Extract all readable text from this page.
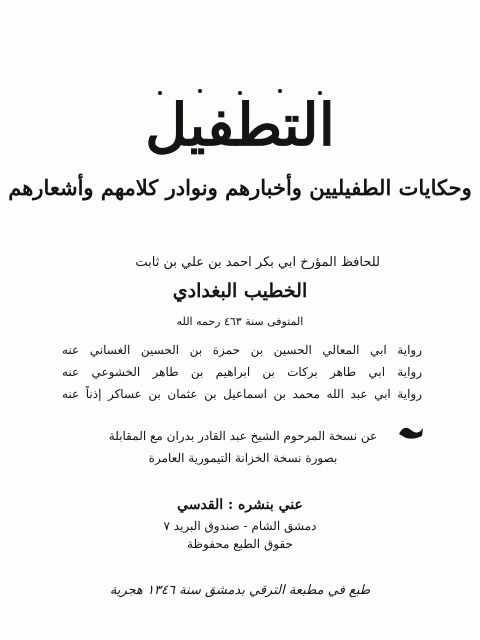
التطفيل
وحكايات الطفيليين وأخبارهم ونوادر كلامهم وأشعارهم
للحافظ المؤرخ ابي بكر احمد بن علي بن ثابت
الخطيب البغدادي
المتوفى سنة ٤٦٣ رحمه الله
رواية ابي المعالي الحسين بن حمزة بن الحسين الغساني عنه
رواية ابي طاهر بركات بن ابراهيم بن طاهر الخشوعي عنه
رواية ابي عبد الله محمد بن اسماعيل بن عثمان بن عساكر إذناً عنه
عن نسخة المرحوم الشيخ عبد القادر بدران مع المقابلة
بصورة نسخة الخزانة التيمورية العامرة
عني بنشره : القدسي
دمشق الشام - صندوق البريد ٧
حقوق الطبع محفوظة
طبع في مطبعة الترقي بدمشق سنة ١٣٤٦ هجرية
